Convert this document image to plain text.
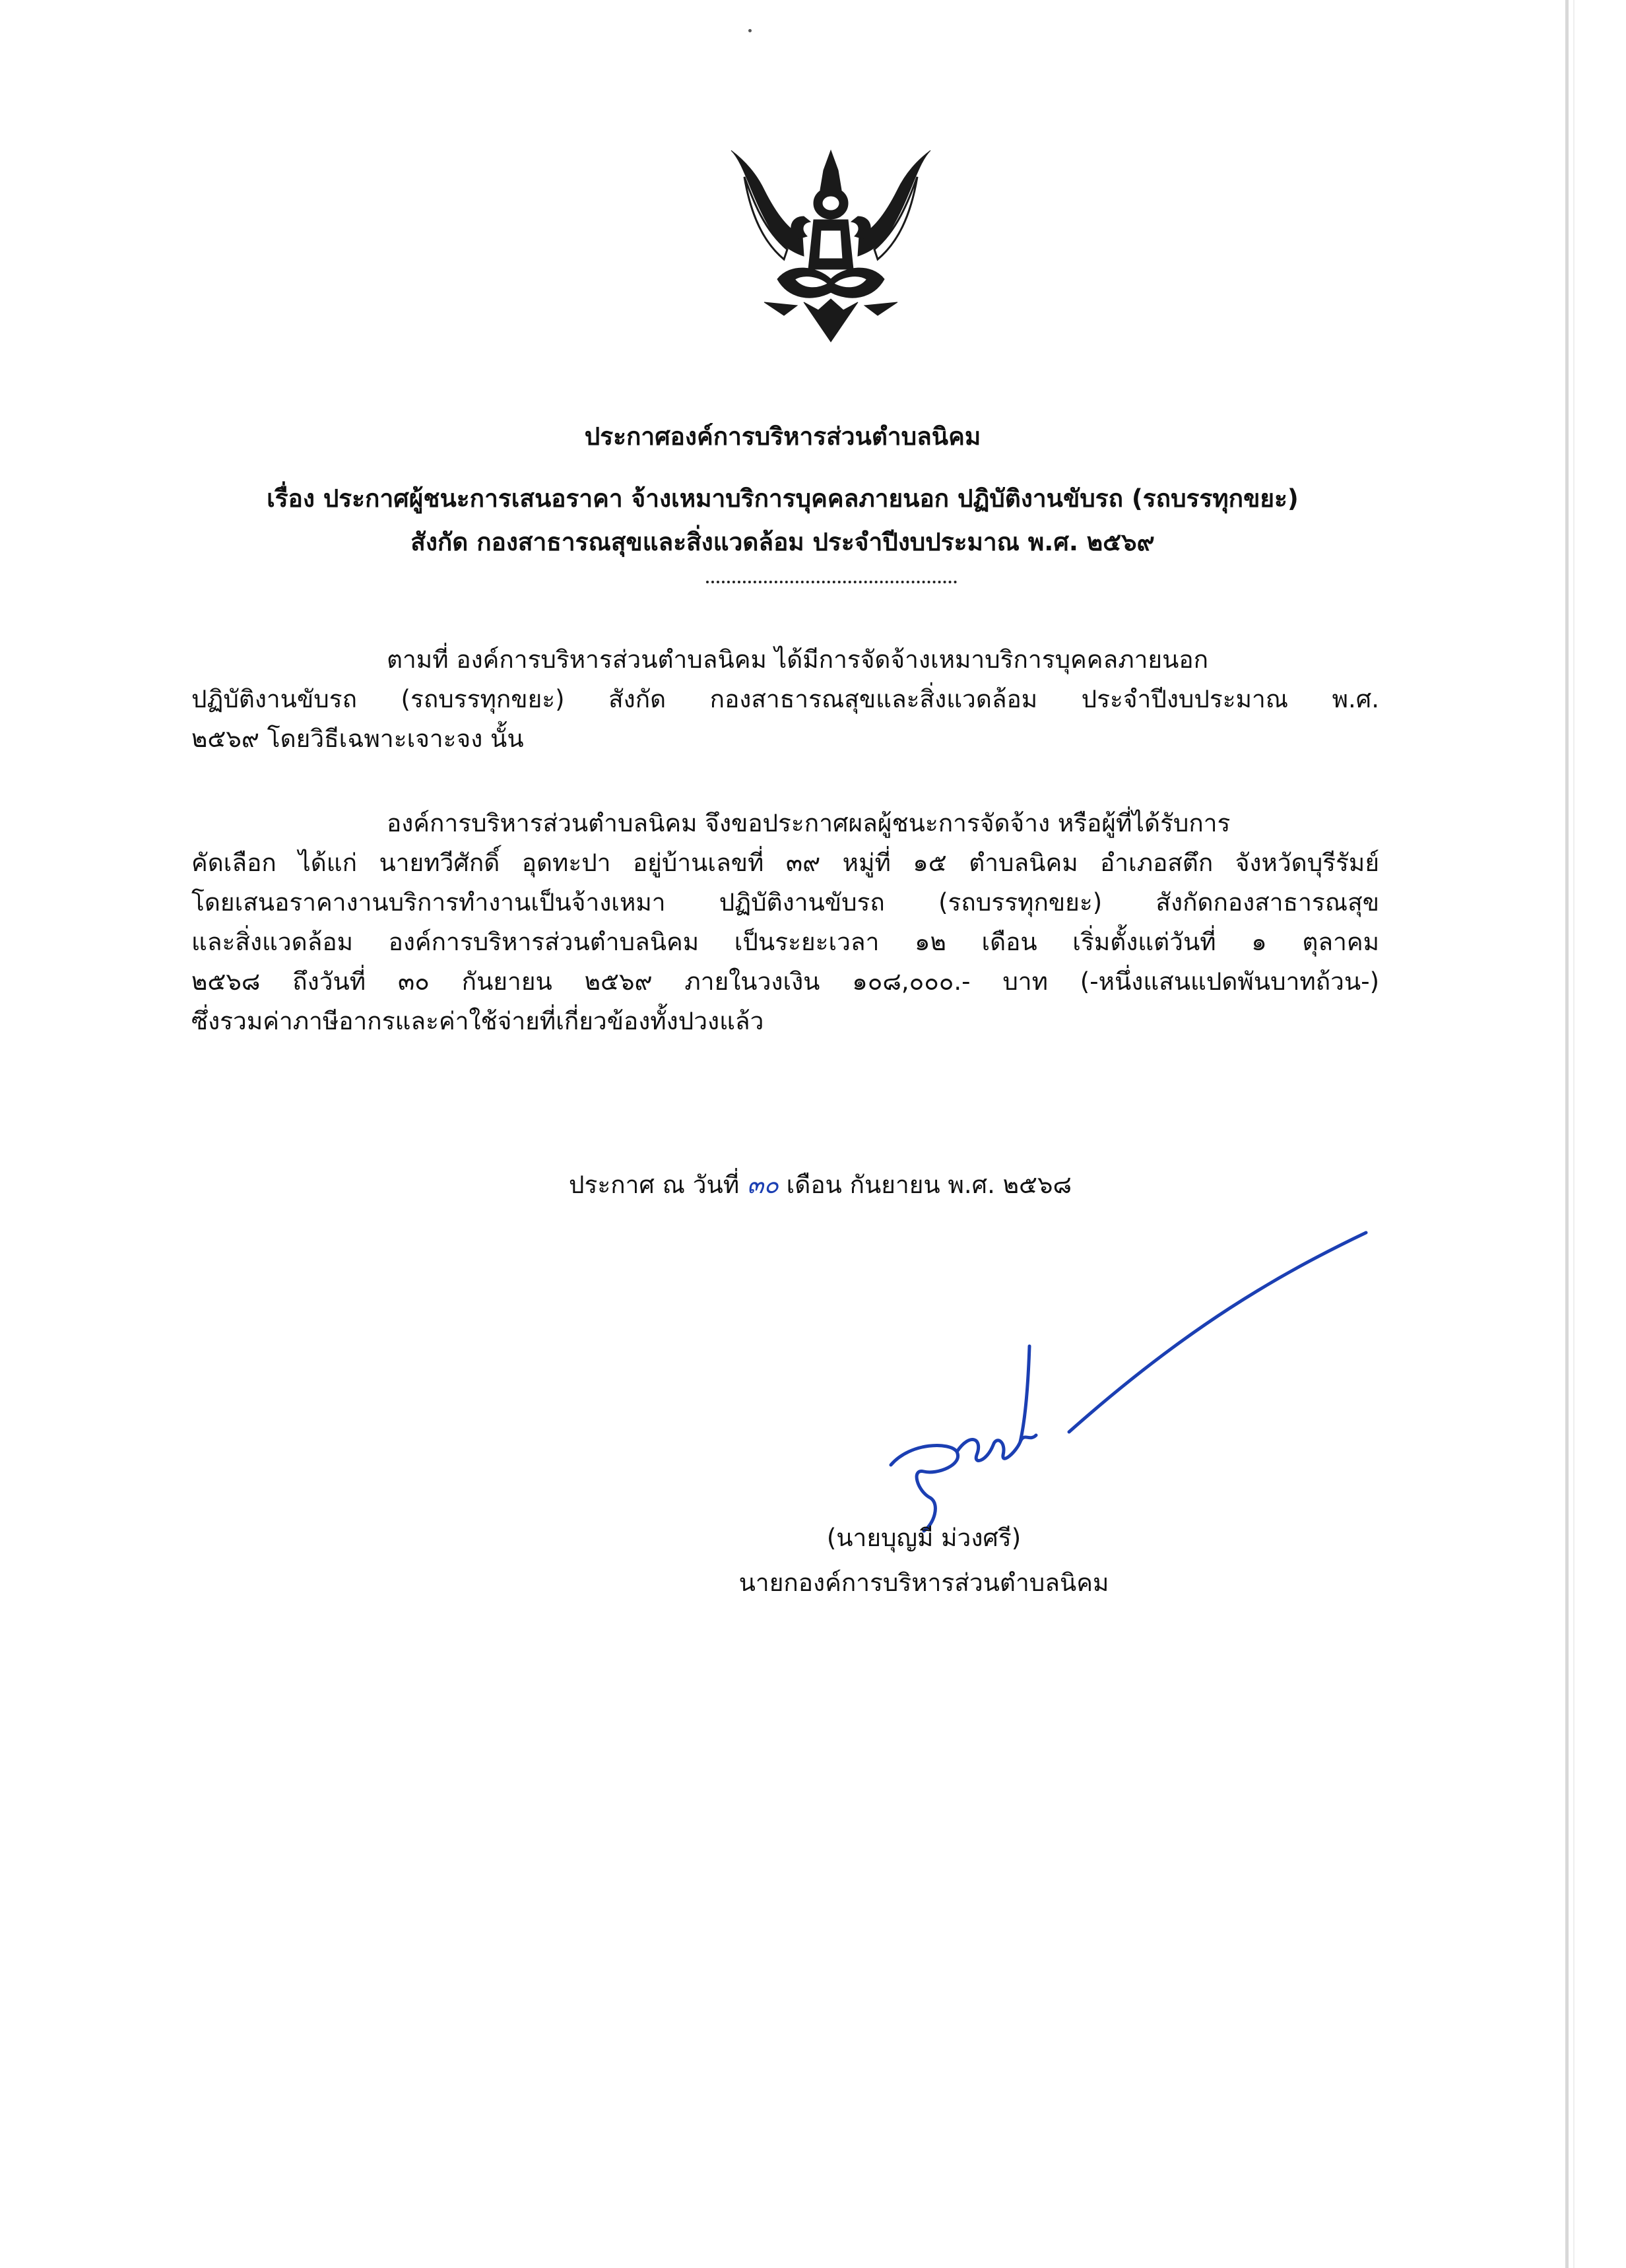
ประกาศองค์การบริหารส่วนตำบลนิคม
เรื่อง ประกาศผู้ชนะการเสนอราคา จ้างเหมาบริการบุคคลภายนอก ปฏิบัติงานขับรถ (รถบรรทุกขยะ)
สังกัด กองสาธารณสุขและสิ่งแวดล้อม ประจำปีงบประมาณ พ.ศ. ๒๕๖๙
ตามที่ องค์การบริหารส่วนตำบลนิคม ได้มีการจัดจ้างเหมาบริการบุคคลภายนอก
ปฏิบัติงานขับรถ (รถบรรทุกขยะ) สังกัด กองสาธารณสุขและสิ่งแวดล้อม ประจำปีงบประมาณ พ.ศ.
๒๕๖๙ โดยวิธีเฉพาะเจาะจง นั้น
องค์การบริหารส่วนตำบลนิคม จึงขอประกาศผลผู้ชนะการจัดจ้าง หรือผู้ที่ได้รับการ
คัดเลือก ได้แก่ นายทวีศักดิ์ อุดทะปา อยู่บ้านเลขที่ ๓๙ หมู่ที่ ๑๕ ตำบลนิคม อำเภอสตึก จังหวัดบุรีรัมย์
โดยเสนอราคางานบริการทำงานเป็นจ้างเหมา ปฏิบัติงานขับรถ (รถบรรทุกขยะ) สังกัดกองสาธารณสุข
และสิ่งแวดล้อม องค์การบริหารส่วนตำบลนิคม เป็นระยะเวลา ๑๒ เดือน เริ่มตั้งแต่วันที่ ๑ ตุลาคม
๒๕๖๘ ถึงวันที่ ๓๐ กันยายน ๒๕๖๙ ภายในวงเงิน ๑๐๘,๐๐๐.- บาท (-หนึ่งแสนแปดพันบาทถ้วน-)
ซึ่งรวมค่าภาษีอากรและค่าใช้จ่ายที่เกี่ยวข้องทั้งปวงแล้ว
ประกาศ ณ วันที่ ๓๐ เดือน กันยายน พ.ศ. ๒๕๖๘
(นายบุญมี ม่วงศรี)
นายกองค์การบริหารส่วนตำบลนิคม
